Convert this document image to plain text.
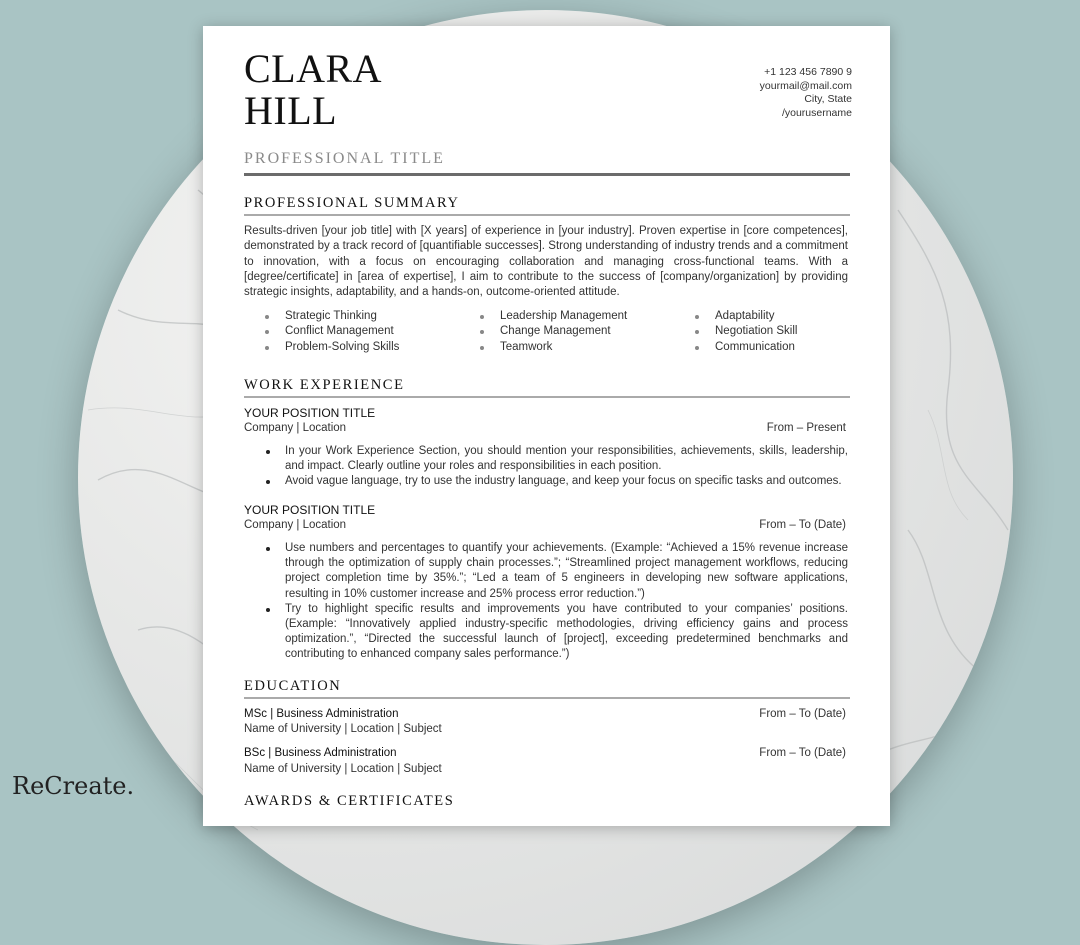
ReCreate.
CLARA
HILL
+1 123 456 7890 9
yourmail@mail.com
City, State
/yourusername
PROFESSIONAL TITLE
PROFESSIONAL SUMMARY
Results-driven [your job title] with [X years] of experience in [your industry]. Proven expertise in [core competences], demonstrated by a track record of [quantifiable successes]. Strong understanding of industry trends and a commitment to innovation, with a focus on encouraging collaboration and managing cross-functional teams. With a [degree/certificate] in [area of expertise], I aim to contribute to the success of [company/organization] by providing strategic insights, adaptability, and a hands-on, outcome-oriented attitude.
Strategic Thinking
Conflict Management
Problem-Solving Skills
Leadership Management
Change Management
Teamwork
Adaptability
Negotiation Skill
Communication
WORK EXPERIENCE
YOUR POSITION TITLE
Company | Location	From – Present
In your Work Experience Section, you should mention your responsibilities, achievements, skills, leadership, and impact. Clearly outline your roles and responsibilities in each position.
Avoid vague language, try to use the industry language, and keep your focus on specific tasks and outcomes.
YOUR POSITION TITLE
Company | Location	From – To (Date)
Use numbers and percentages to quantify your achievements. (Example: “Achieved a 15% revenue increase through the optimization of supply chain processes.”; “Streamlined project management workflows, reducing project completion time by 35%.”; “Led a team of 5 engineers in developing new software applications, resulting in 10% customer increase and 25% process error reduction.”)
Try to highlight specific results and improvements you have contributed to your companies’ positions. (Example: “Innovatively applied industry-specific methodologies, driving efficiency gains and process optimization.”, “Directed the successful launch of [project], exceeding predetermined benchmarks and contributing to enhanced company sales performance.”)
EDUCATION
MSc | Business Administration	From – To (Date)
Name of University | Location | Subject
BSc | Business Administration	From – To (Date)
Name of University | Location | Subject
AWARDS & CERTIFICATES
